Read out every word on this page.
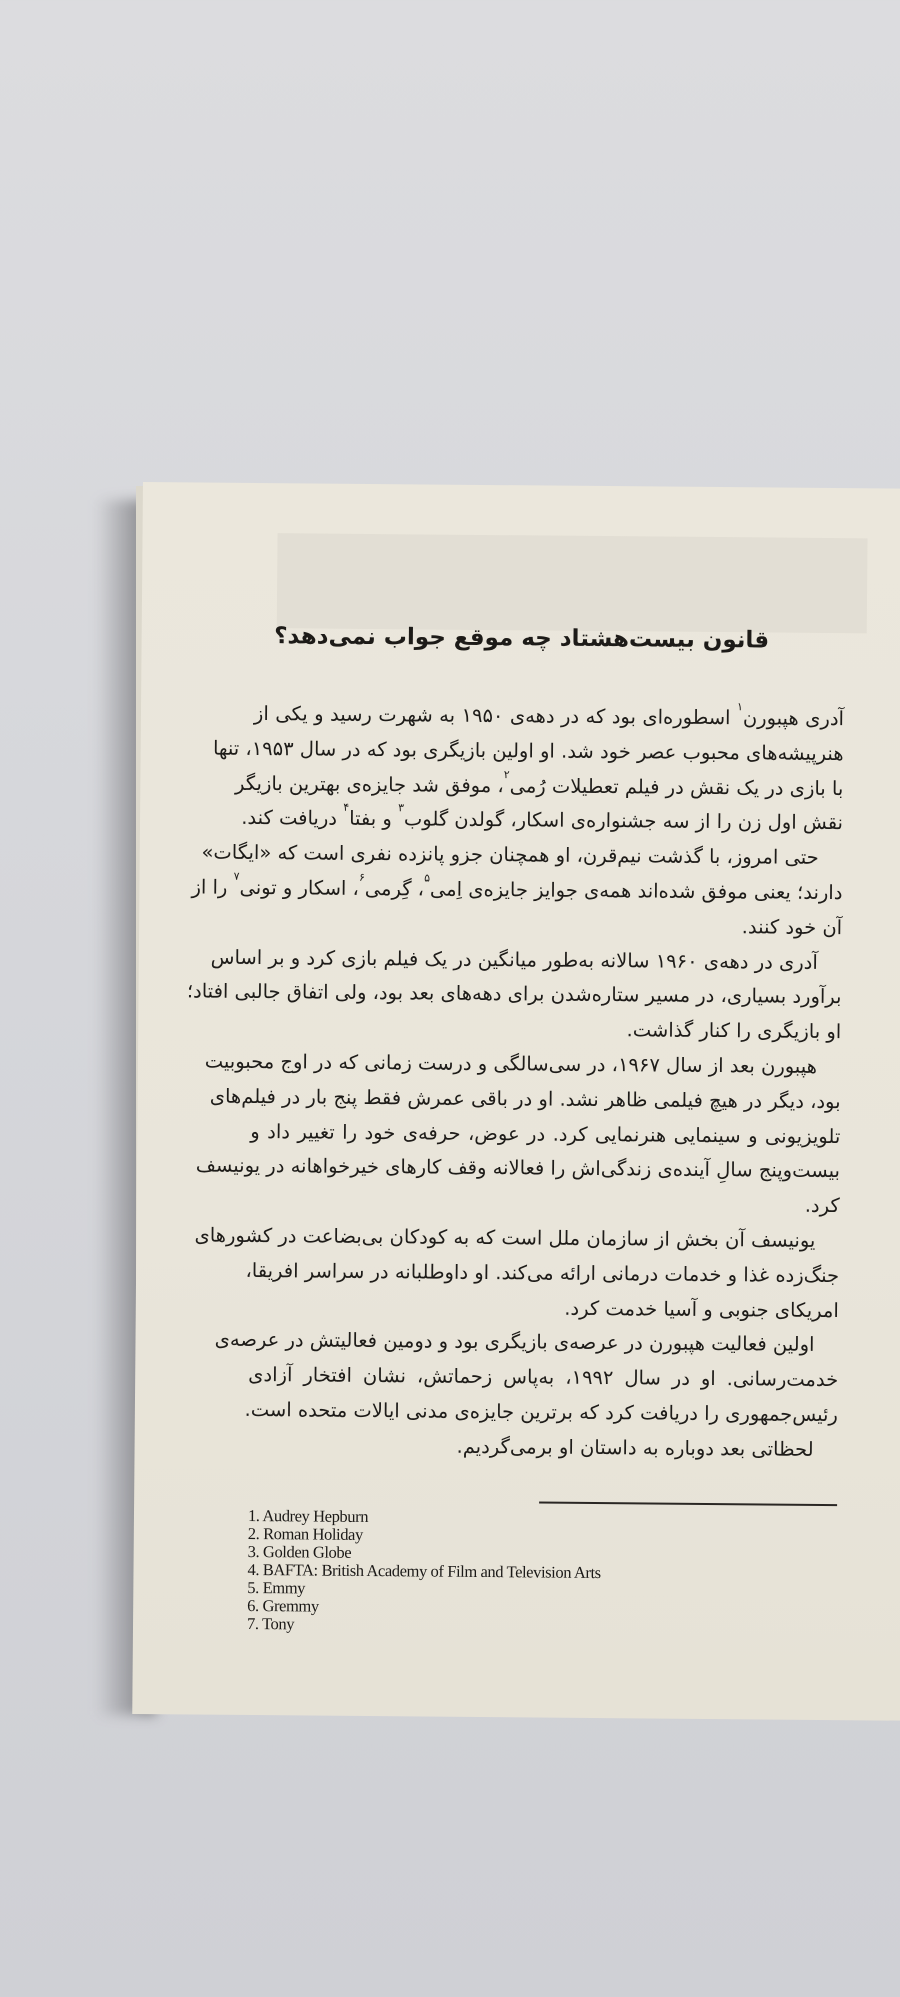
قانون بیست‌هشتاد چه موقع جواب نمی‌دهد؟
آدری هپبورن$^۱$ اسطوره‌ای بود که در دهه‌ی ۱۹۵۰ به شهرت رسید و یکی از
هنرپیشه‌های محبوب عصر خود شد. او اولین بازیگری بود که در سال ۱۹۵۳، تنها
با بازی در یک نقش در فیلم تعطیلات رُمی$^۲$، موفق شد جایزه‌ی بهترین بازیگر
نقش اول زن را از سه جشنواره‌ی اسکار، گولدن گلوب$^۳$ و بفتا$^۴$ دریافت کند.
حتی امروز، با گذشت نیم‌قرن، او همچنان جزو پانزده نفری است که «ایگات»
دارند؛ یعنی موفق شده‌اند همه‌ی جوایز جایزه‌ی اِمی$^۵$، گِرمی$^۶$، اسکار و تونی$^۷$ را از
آن خود کنند.
آدری در دهه‌ی ۱۹۶۰ سالانه به‌طور میانگین در یک فیلم بازی کرد و بر اساس
برآورد بسیاری، در مسیر ستاره‌شدن برای دهه‌های بعد بود، ولی اتفاق جالبی افتاد؛
او بازیگری را کنار گذاشت.
هپبورن بعد از سال ۱۹۶۷، در سی‌سالگی و درست زمانی که در اوج محبوبیت
بود، دیگر در هیچ فیلمی ظاهر نشد. او در باقی عمرش فقط پنج بار در فیلم‌های
تلویزیونی و سینمایی هنرنمایی کرد. در عوض، حرفه‌ی خود را تغییر داد و
بیست‌وپنج سالِ آینده‌ی زندگی‌اش را فعالانه وقف کارهای خیرخواهانه در یونیسف
کرد.
یونیسف آن بخش از سازمان ملل است که به کودکان بی‌بضاعت در کشورهای
جنگ‌زده غذا و خدمات درمانی ارائه می‌کند. او داوطلبانه در سراسر افریقا،
امریکای جنوبی و آسیا خدمت کرد.
اولین فعالیت هپبورن در عرصه‌ی بازیگری بود و دومین فعالیتش در عرصه‌ی
خدمت‌رسانی. او در سال ۱۹۹۲، به‌پاس زحماتش، نشان افتخار آزادی
رئیس‌جمهوری را دریافت کرد که برترین جایزه‌ی مدنی ایالات متحده است.
لحظاتی بعد دوباره به داستان او برمی‌گردیم.
1. Audrey Hepburn
2. Roman Holiday
3. Golden Globe
4. BAFTA: British Academy of Film and Television Arts
5. Emmy
6. Gremmy
7. Tony
